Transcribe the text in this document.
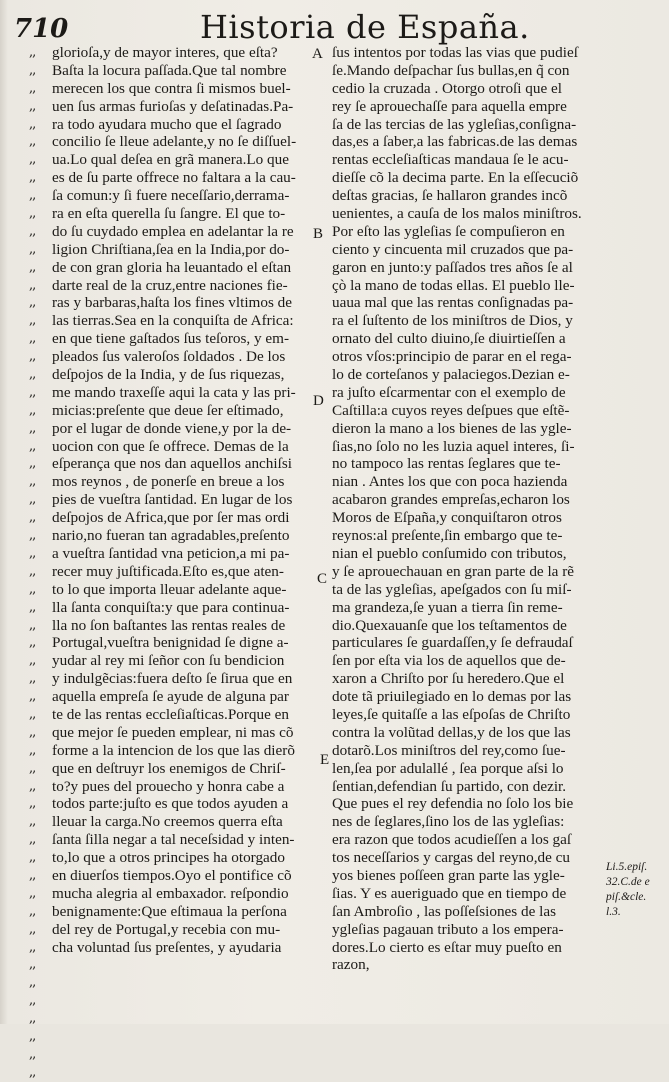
710	Historia de España.
,,
,,
,,
,,
,,
,,
,,
,,
,,
,,
,,
,,
,,
,,
,,
,,
,,
,,
,,
,,
,,
,,
,,
,,
,,
,,
,,
,,
,,
,,
,,
,,
,,
,,
,,
,,
,,
,,
,,
,,
,,
,,
,,
,,
,,
,,
,,
,,
,,
,,
,,
,,
,,
,,
,,
,,
,,
,,
A
B
D
C
E
glorioſa,y de mayor interes, que eſta?
Baſta la locura paſſada.Que tal nombre
merecen los que contra ſi mismos buel-
uen ſus armas furioſas y deſatinadas.Pa-
ra todo ayudara mucho que el ſagrado
concilio ſe lleue adelante,y no ſe diſſuel-
ua.Lo qual deſea en grã manera.Lo que
es de ſu parte offrece no faltara a la cau-
ſa comun:y ſi fuere neceſſario,derrama-
ra en eſta querella ſu ſangre. El que to-
do ſu cuydado emplea en adelantar la re
ligion Chriſtiana,ſea en la India,por do-
de con gran gloria ha leuantado el eſtan
darte real de la cruz,entre naciones fie-
ras y barbaras,haſta los fines vltimos de
las tierras.Sea en la conquiſta de Africa:
en que tiene gaſtados ſus teſoros, y em-
pleados ſus valeroſos ſoldados . De los
deſpojos de la India, y de ſus riquezas,
me mando traxeſſe aqui la cata y las pri-
micias:preſente que deue ſer eſtimado,
por el lugar de donde viene,y por la de-
uocion con que ſe offrece. Demas de la
eſperança que nos dan aquellos anchiſsi
mos reynos , de ponerſe en breue a los
pies de vueſtra ſantidad. En lugar de los
deſpojos de Africa,que por ſer mas ordi
nario,no fueran tan agradables,preſento
a vueſtra ſantidad vna peticion,a mi pa-
recer muy juſtificada.Eſto es,que aten-
to lo que importa lleuar adelante aque-
lla ſanta conquiſta:y que para continua-
lla no ſon baſtantes las rentas reales de
Portugal,vueſtra benignidad ſe digne a-
yudar al rey mi ſeñor con ſu bendicion
y indulgẽcias:fuera deſto ſe ſirua que en
aquella empreſa ſe ayude de alguna par
te de las rentas eccleſiaſticas.Porque en
que mejor ſe pueden emplear, ni mas cõ
forme a la intencion de los que las dierõ
que en deſtruyr los enemigos de Chriſ-
to?y pues del prouecho y honra cabe a
todos parte:juſto es que todos ayuden a
lleuar la carga.No creemos querra eſta
ſanta ſilla negar a tal neceſsidad y inten-
to,lo que a otros principes ha otorgado
en diuerſos tiempos.Oyo el pontifice cõ
mucha alegria al embaxador. reſpondio
benignamente:Que eſtimaua la perſona
del rey de Portugal,y recebia con mu-
cha voluntad ſus preſentes, y ayudaria
ſus intentos por todas las vias que pudieſ
ſe.Mando deſpachar ſus bullas,en q̃ con
cedio la cruzada . Otorgo otroſi que el
rey ſe aprouechaſſe para aquella empre
ſa de las tercias de las ygleſias,conſigna-
das,es a ſaber,a las fabricas.de las demas
rentas eccleſiaſticas mandaua ſe le acu-
dieſſe cõ la decima parte. En la eſſecuciõ
deſtas gracias, ſe hallaron grandes incõ
uenientes, a cauſa de los malos miniſtros.
Por eſto las ygleſias ſe compuſieron en
ciento y cincuenta mil cruzados que pa-
garon en junto:y paſſados tres años ſe al
çò la mano de todas ellas. El pueblo lle-
uaua mal que las rentas conſignadas pa-
ra el ſuſtento de los miniſtros de Dios, y
ornato del culto diuino,ſe diuirtieſſen a
otros vſos:principio de parar en el rega-
lo de corteſanos y palaciegos.Dezian e-
ra juſto eſcarmentar con el exemplo de
Caſtilla:a cuyos reyes deſpues que eſtẽ-
dieron la mano a los bienes de las ygle-
ſias,no ſolo no les luzia aquel interes, ſi-
no tampoco las rentas ſeglares que te-
nian . Antes los que con poca hazienda
acabaron grandes empreſas,echaron los
Moros de Eſpaña,y conquiſtaron otros
reynos:al preſente,ſin embargo que te-
nian el pueblo conſumido con tributos,
y ſe aprouechauan en gran parte de la rẽ
ta de las ygleſias, apeſgados con ſu miſ-
ma grandeza,ſe yuan a tierra ſin reme-
dio.Quexauanſe que los teſtamentos de
particulares ſe guardaſſen,y ſe defraudaſ
ſen por eſta via los de aquellos que de-
xaron a Chriſto por ſu heredero.Que el
dote tã priuilegiado en lo demas por las
leyes,ſe quitaſſe a las eſpoſas de Chriſto
contra la volũtad dellas,y de los que las
dotarõ.Los miniſtros del rey,como ſue-
len,ſea por adulallé , ſea porque aſsi lo
ſentian,defendian ſu partido, con dezir.
Que pues el rey defendia no ſolo los bie
nes de ſeglares,ſino los de las ygleſias:
era razon que todos acudieſſen a los gaſ
tos neceſſarios y cargas del reyno,de cu
yos bienes poſſeen gran parte las ygle-
ſias. Y es aueriguado que en tiempo de
ſan Ambroſio , las poſſeſsiones de las
ygleſias pagauan tributo a los empera-
dores.Lo cierto es eſtar muy pueſto en
razon,
Li.5.epiſ.
32.C.de e
piſ.&cle.
l.3.
